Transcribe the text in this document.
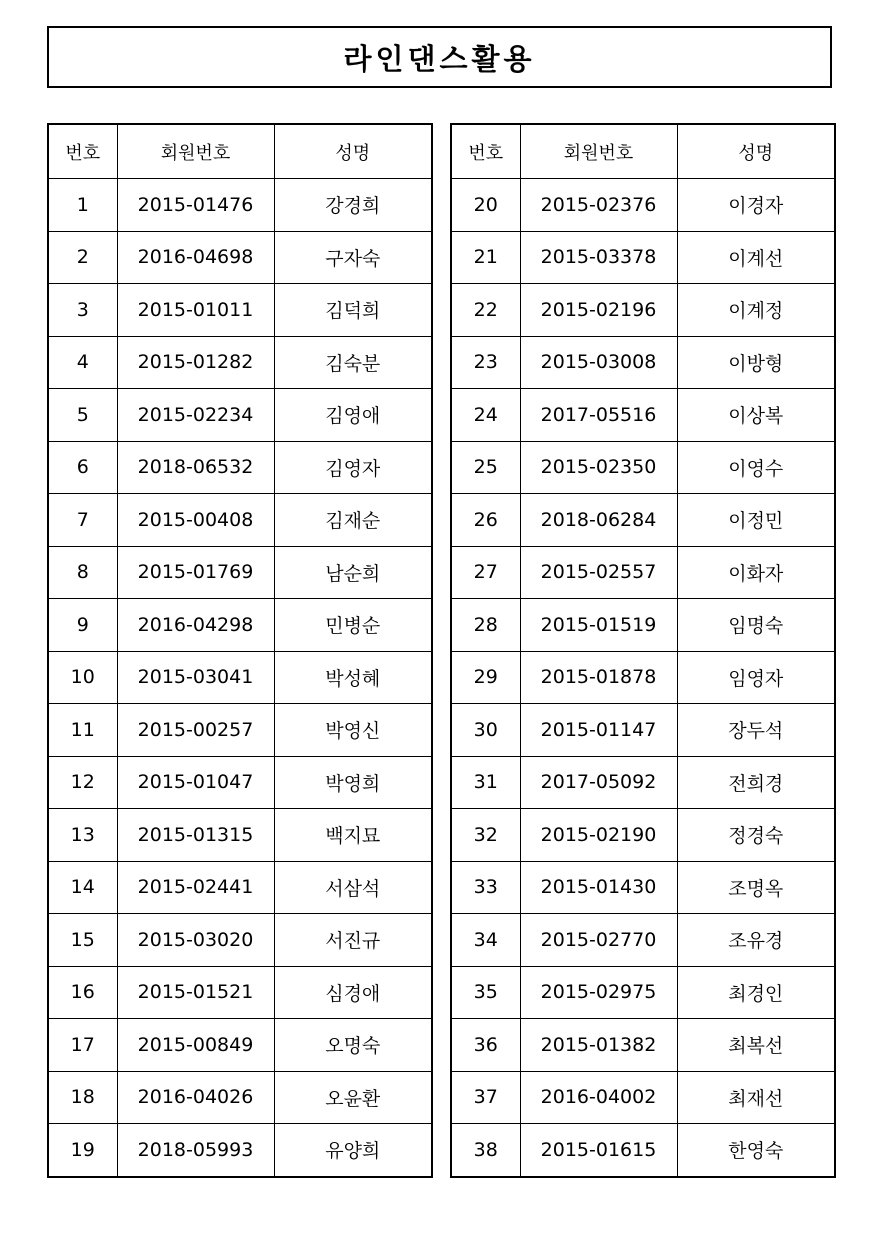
라인댄스활용
번호	회원번호	성명
1	2015-01476	강경희
2	2016-04698	구자숙
3	2015-01011	김덕희
4	2015-01282	김숙분
5	2015-02234	김영애
6	2018-06532	김영자
7	2015-00408	김재순
8	2015-01769	남순희
9	2016-04298	민병순
10	2015-03041	박성혜
11	2015-00257	박영신
12	2015-01047	박영희
13	2015-01315	백지묘
14	2015-02441	서삼석
15	2015-03020	서진규
16	2015-01521	심경애
17	2015-00849	오명숙
18	2016-04026	오윤환
19	2018-05993	유양희
번호	회원번호	성명
20	2015-02376	이경자
21	2015-03378	이계선
22	2015-02196	이계정
23	2015-03008	이방형
24	2017-05516	이상복
25	2015-02350	이영수
26	2018-06284	이정민
27	2015-02557	이화자
28	2015-01519	임명숙
29	2015-01878	임영자
30	2015-01147	장두석
31	2017-05092	전희경
32	2015-02190	정경숙
33	2015-01430	조명옥
34	2015-02770	조유경
35	2015-02975	최경인
36	2015-01382	최복선
37	2016-04002	최재선
38	2015-01615	한영숙
